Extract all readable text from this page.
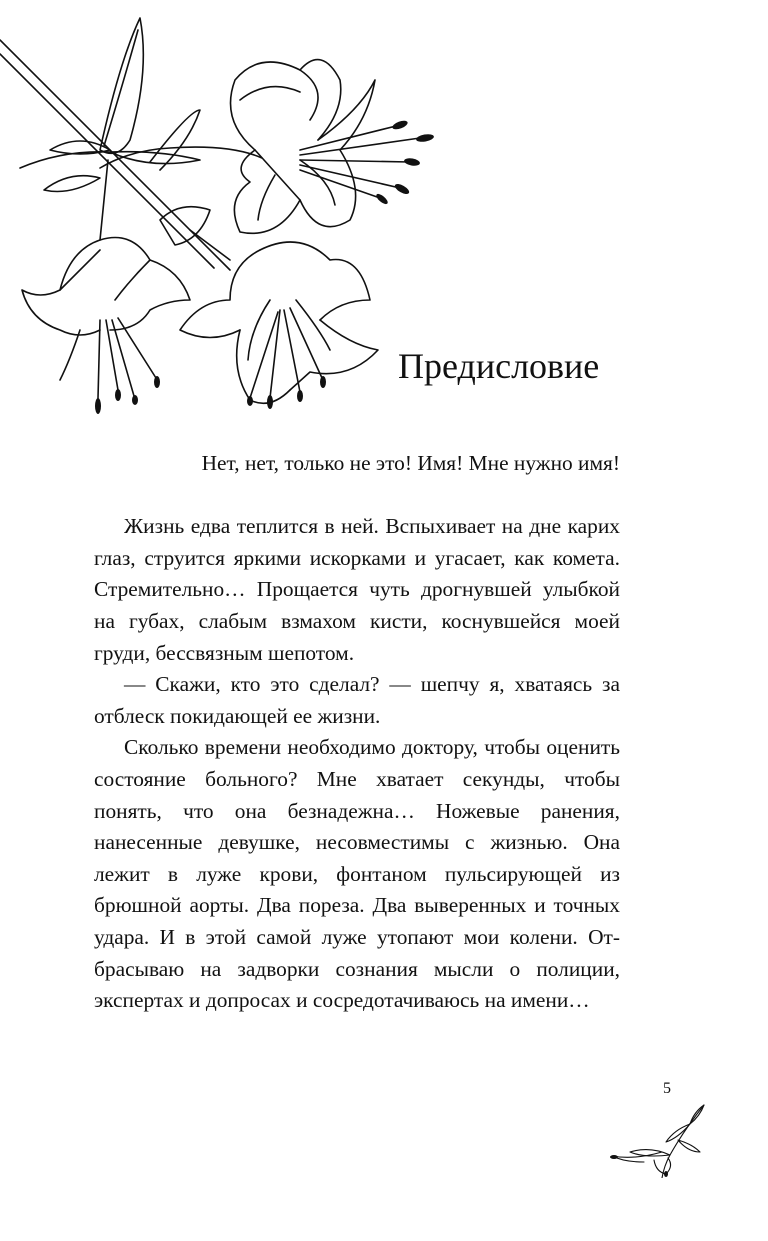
Предисловие

Нет, нет, только не это! Имя! Мне нужно имя!

Жизнь едва теплится в ней. Вспыхивает на дне карих глаз, струится яркими искорками и угасает, как комета. Стремительно… Прощается чуть дрогнувшей улыбкой на губах, слабым взмахом кисти, коснувшейся моей груди, бессвязным шепотом.

— Скажи, кто это сделал? — шепчу я, хватаясь за отблеск покидающей ее жизни.

Сколько времени необходимо доктору, чтобы оценить состояние больного? Мне хватает секунды, чтобы понять, что она безнадежна… Ножевые ранения, нанесенные девушке, несовместимы с жизнью. Она лежит в луже крови, фонтаном пульсирующей из брюшной аорты. Два пореза. Два выверенных и точных удара. И в этой самой луже утопают мои колени. Отбрасываю на задворки сознания мысли о полиции, экспертах и допросах и сосредотачиваюсь на имени…

5
